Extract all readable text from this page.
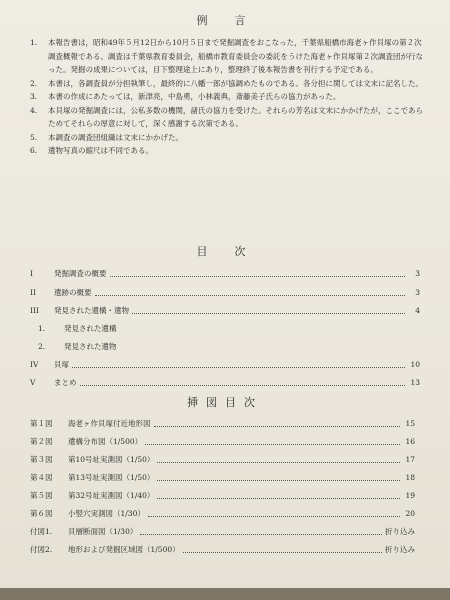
例　言
1.	本報告書は，昭和49年５月12日から10月５日まで発掘調査をおこなった，千葉県船橋市海老ヶ作貝塚の第２次調査概報である。調査は千葉県教育委員会，船橋市教育委員会の委託をうけた海老ヶ作貝塚第２次調査団が行なった。発掘の成果については，目下整理途上にあり，整理終了後本報告書を刊行する予定である。
2.	本書は，各調査員が分担執筆し，最終的に八幡一郎が協調めたものである。各分担に関しては文末に記名した。
3.	本書の作成にあたっては，新津亮，中島勇，小林義典，斎藤美子氏らの協力があった。
4.	本貝塚の発掘調査には，公私多数の機関，諸氏の協力を受けた。それらの芳名は文末にかかげたが，ここであらためてそれらの厚意に対して，深く感謝する次第である。
5.	本調査の調査団組織は文末にかかげた。
6.	遺物写真の縮尺は不同である。
目　次
I	発掘調査の概要	3
II	遺跡の概要	3
III	発見された遺構・遺物	4
1.	発見された遺構
2.	発見された遺物
IV	貝塚	10
V	まとめ	13
挿図目次
第１図	海老ヶ作貝塚付近地形図	15
第２図	遺構分布図（1/500）	16
第３図	第10号址実測図（1/50）	17
第４図	第13号址実測図（1/50）	18
第５図	第32号址実測図（1/40）	19
第６図	小竪穴実測図（1/30）	20
付図1.	貝層断面図（1/30）	折り込み
付図2.	地形および発掘区域図（1/500）	折り込み
